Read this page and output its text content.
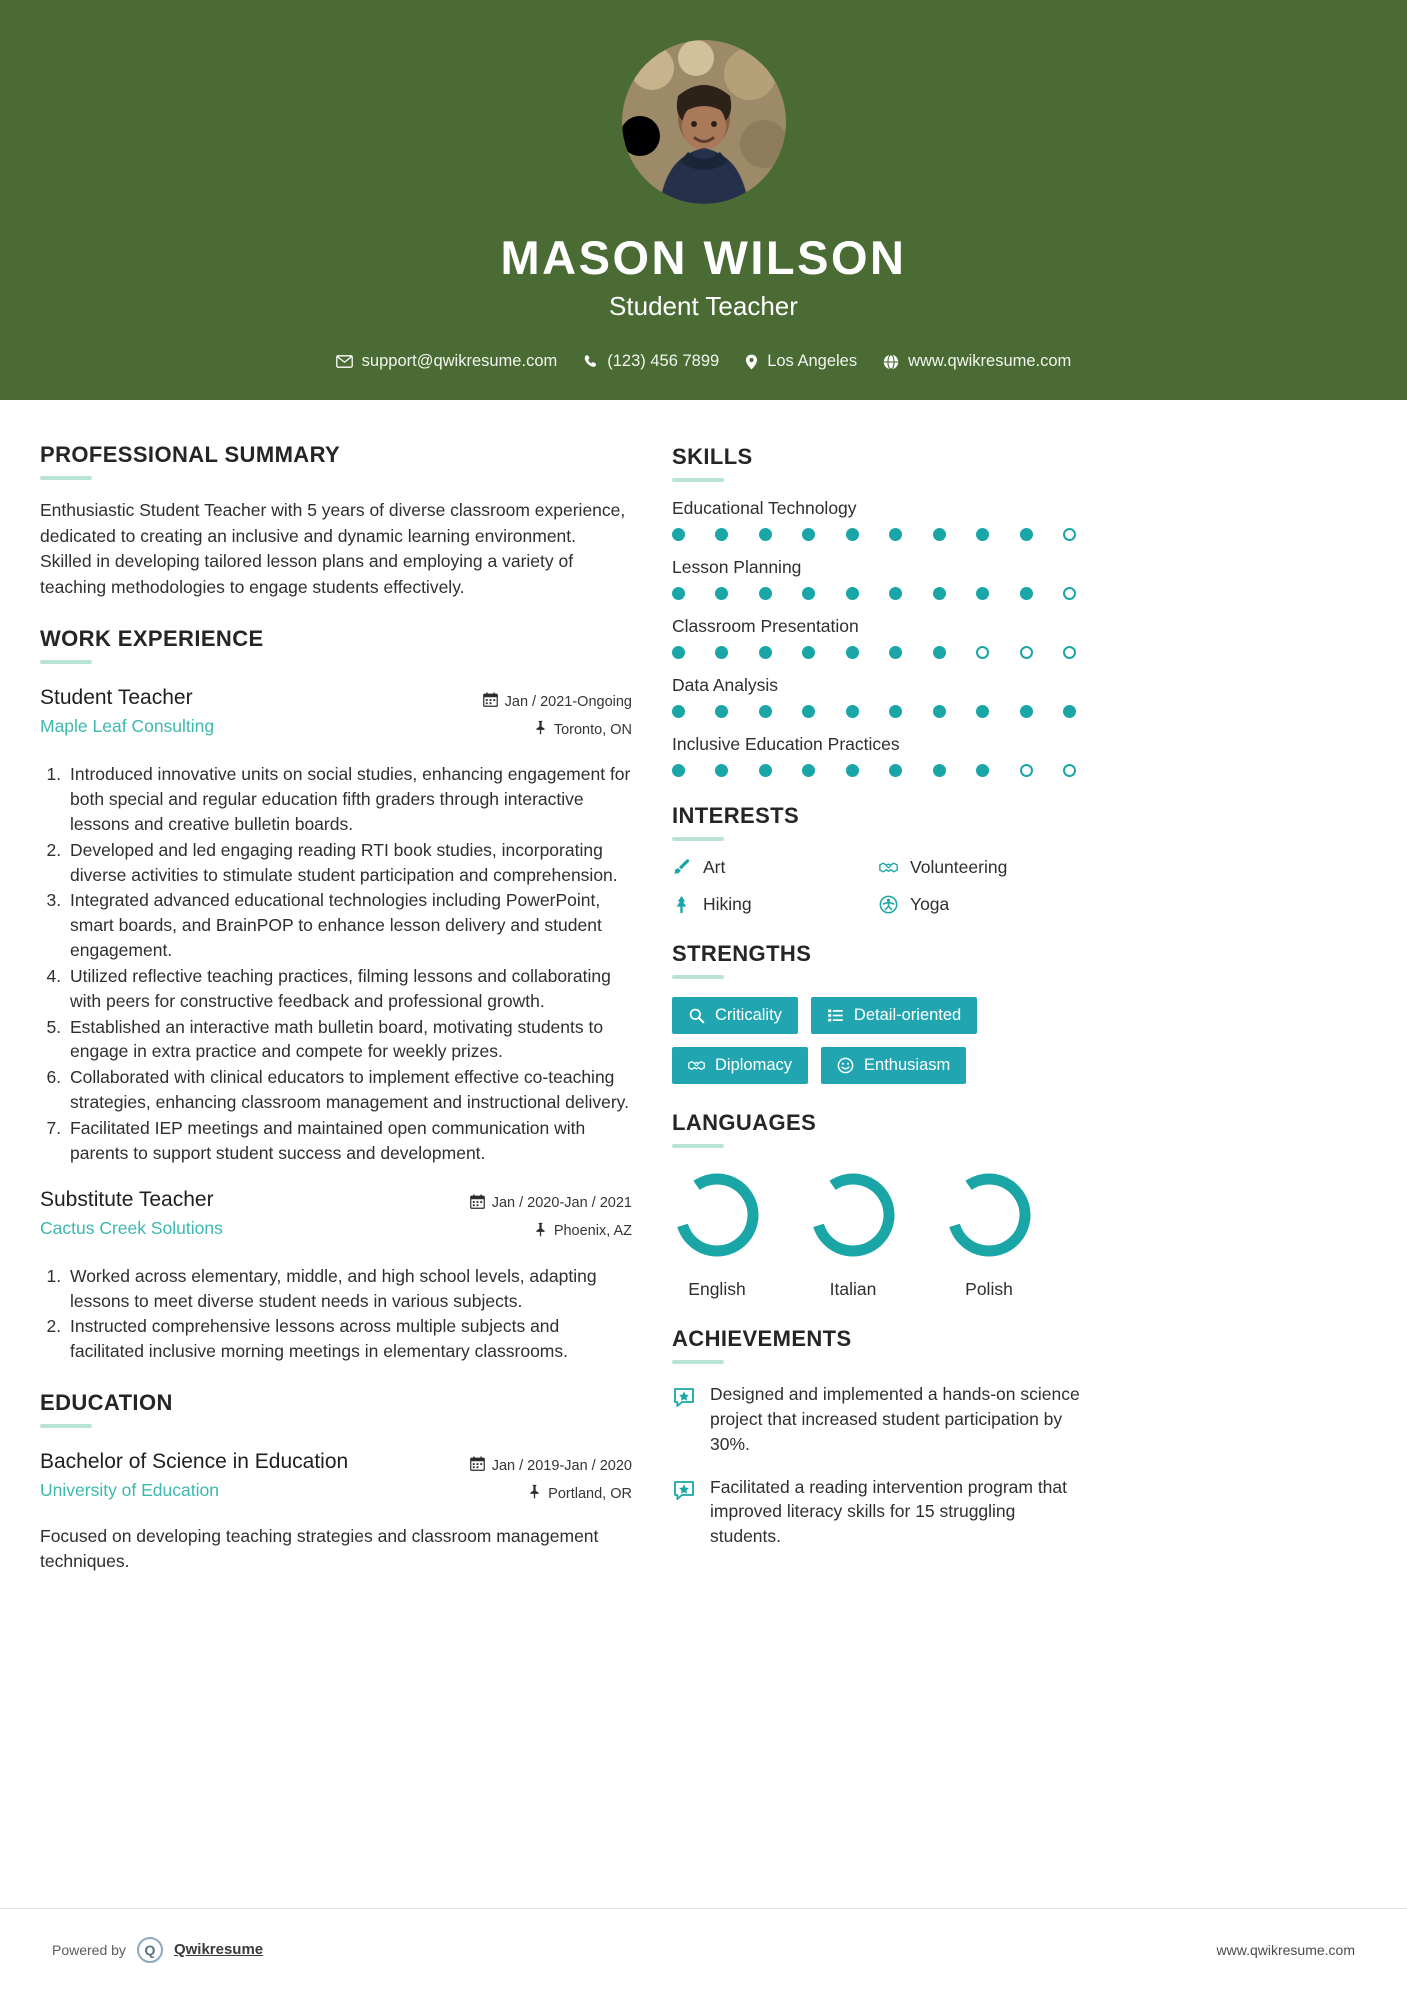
MASON WILSON
Student Teacher
support@qwikresume.com	(123) 456 7899	Los Angeles	www.qwikresume.com
PROFESSIONAL SUMMARY
Enthusiastic Student Teacher with 5 years of diverse classroom experience, dedicated to creating an inclusive and dynamic learning environment. Skilled in developing tailored lesson plans and employing a variety of teaching methodologies to engage students effectively.
WORK EXPERIENCE
Student Teacher
Maple Leaf Consulting
Jan / 2021-Ongoing
Toronto, ON
1. Introduced innovative units on social studies, enhancing engagement for both special and regular education fifth graders through interactive lessons and creative bulletin boards.
2. Developed and led engaging reading RTI book studies, incorporating diverse activities to stimulate student participation and comprehension.
3. Integrated advanced educational technologies including PowerPoint, smart boards, and BrainPOP to enhance lesson delivery and student engagement.
4. Utilized reflective teaching practices, filming lessons and collaborating with peers for constructive feedback and professional growth.
5. Established an interactive math bulletin board, motivating students to engage in extra practice and compete for weekly prizes.
6. Collaborated with clinical educators to implement effective co-teaching strategies, enhancing classroom management and instructional delivery.
7. Facilitated IEP meetings and maintained open communication with parents to support student success and development.
Substitute Teacher
Cactus Creek Solutions
Jan / 2020-Jan / 2021
Phoenix, AZ
1. Worked across elementary, middle, and high school levels, adapting lessons to meet diverse student needs in various subjects.
2. Instructed comprehensive lessons across multiple subjects and facilitated inclusive morning meetings in elementary classrooms.
EDUCATION
Bachelor of Science in Education
University of Education
Jan / 2019-Jan / 2020
Portland, OR
Focused on developing teaching strategies and classroom management techniques.
SKILLS
Educational Technology
Lesson Planning
Classroom Presentation
Data Analysis
Inclusive Education Practices
INTERESTS
Art	Volunteering
Hiking	Yoga
STRENGTHS
Criticality	Detail-oriented
Diplomacy	Enthusiasm
LANGUAGES
English	Italian	Polish
ACHIEVEMENTS
Designed and implemented a hands-on science project that increased student participation by 30%.
Facilitated a reading intervention program that improved literacy skills for 15 struggling students.
Powered by	Q	Qwikresume	www.qwikresume.com
